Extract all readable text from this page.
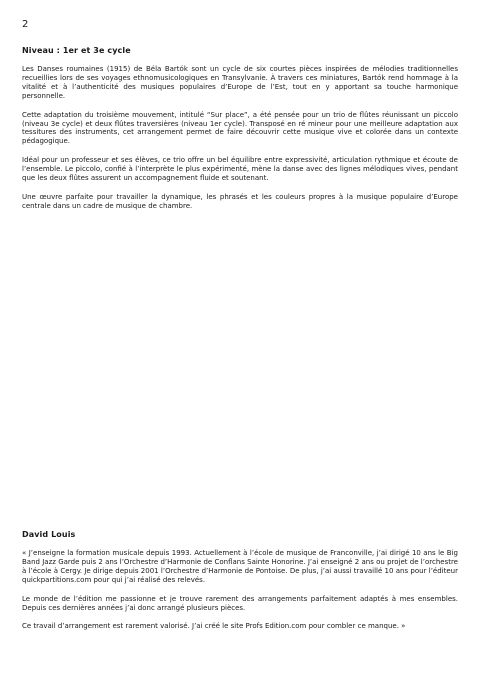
2
Niveau : 1er et 3e cycle

Les Danses roumaines (1915) de Béla Bartók sont un cycle de six courtes pièces inspirées de mélodies traditionnelles recueillies lors de ses voyages ethnomusicologiques en Transylvanie. À travers ces miniatures, Bartók rend hommage à la vitalité et à l’authenticité des musiques populaires d’Europe de l’Est, tout en y apportant sa touche harmonique personnelle.

Cette adaptation du troisième mouvement, intitulé “Sur place”, a été pensée pour un trio de flûtes réunissant un piccolo (niveau 3e cycle) et deux flûtes traversières (niveau 1er cycle). Transposé en ré mineur pour une meilleure adaptation aux tessitures des instruments, cet arrangement permet de faire découvrir cette musique vive et colorée dans un contexte pédagogique.

Idéal pour un professeur et ses élèves, ce trio offre un bel équilibre entre expressivité, articulation rythmique et écoute de l’ensemble. Le piccolo, confié à l’interprète le plus expérimenté, mène la danse avec des lignes mélodiques vives, pendant que les deux flûtes assurent un accompagnement fluide et soutenant.

Une œuvre parfaite pour travailler la dynamique, les phrasés et les couleurs propres à la musique populaire d’Europe centrale dans un cadre de musique de chambre.

David Louis

« J’enseigne la formation musicale depuis 1993. Actuellement à l’école de musique de Franconville, j’ai dirigé 10 ans le Big Band Jazz Garde puis 2 ans l’Orchestre d’Harmonie de Conflans Sainte Honorine. J’ai enseigné 2 ans ou projet de l’orchestre à l’école à Cergy. Je dirige depuis 2001 l’Orchestre d’Harmonie de Pontoise. De plus, j’ai aussi travaillé 10 ans pour l’éditeur quickpartitions.com pour qui j’ai réalisé des relevés.

Le monde de l’édition me passionne et je trouve rarement des arrangements parfaitement adaptés à mes ensembles. Depuis ces dernières années j’ai donc arrangé plusieurs pièces.

Ce travail d’arrangement est rarement valorisé. J’ai créé le site Profs Edition.com pour combler ce manque. »
